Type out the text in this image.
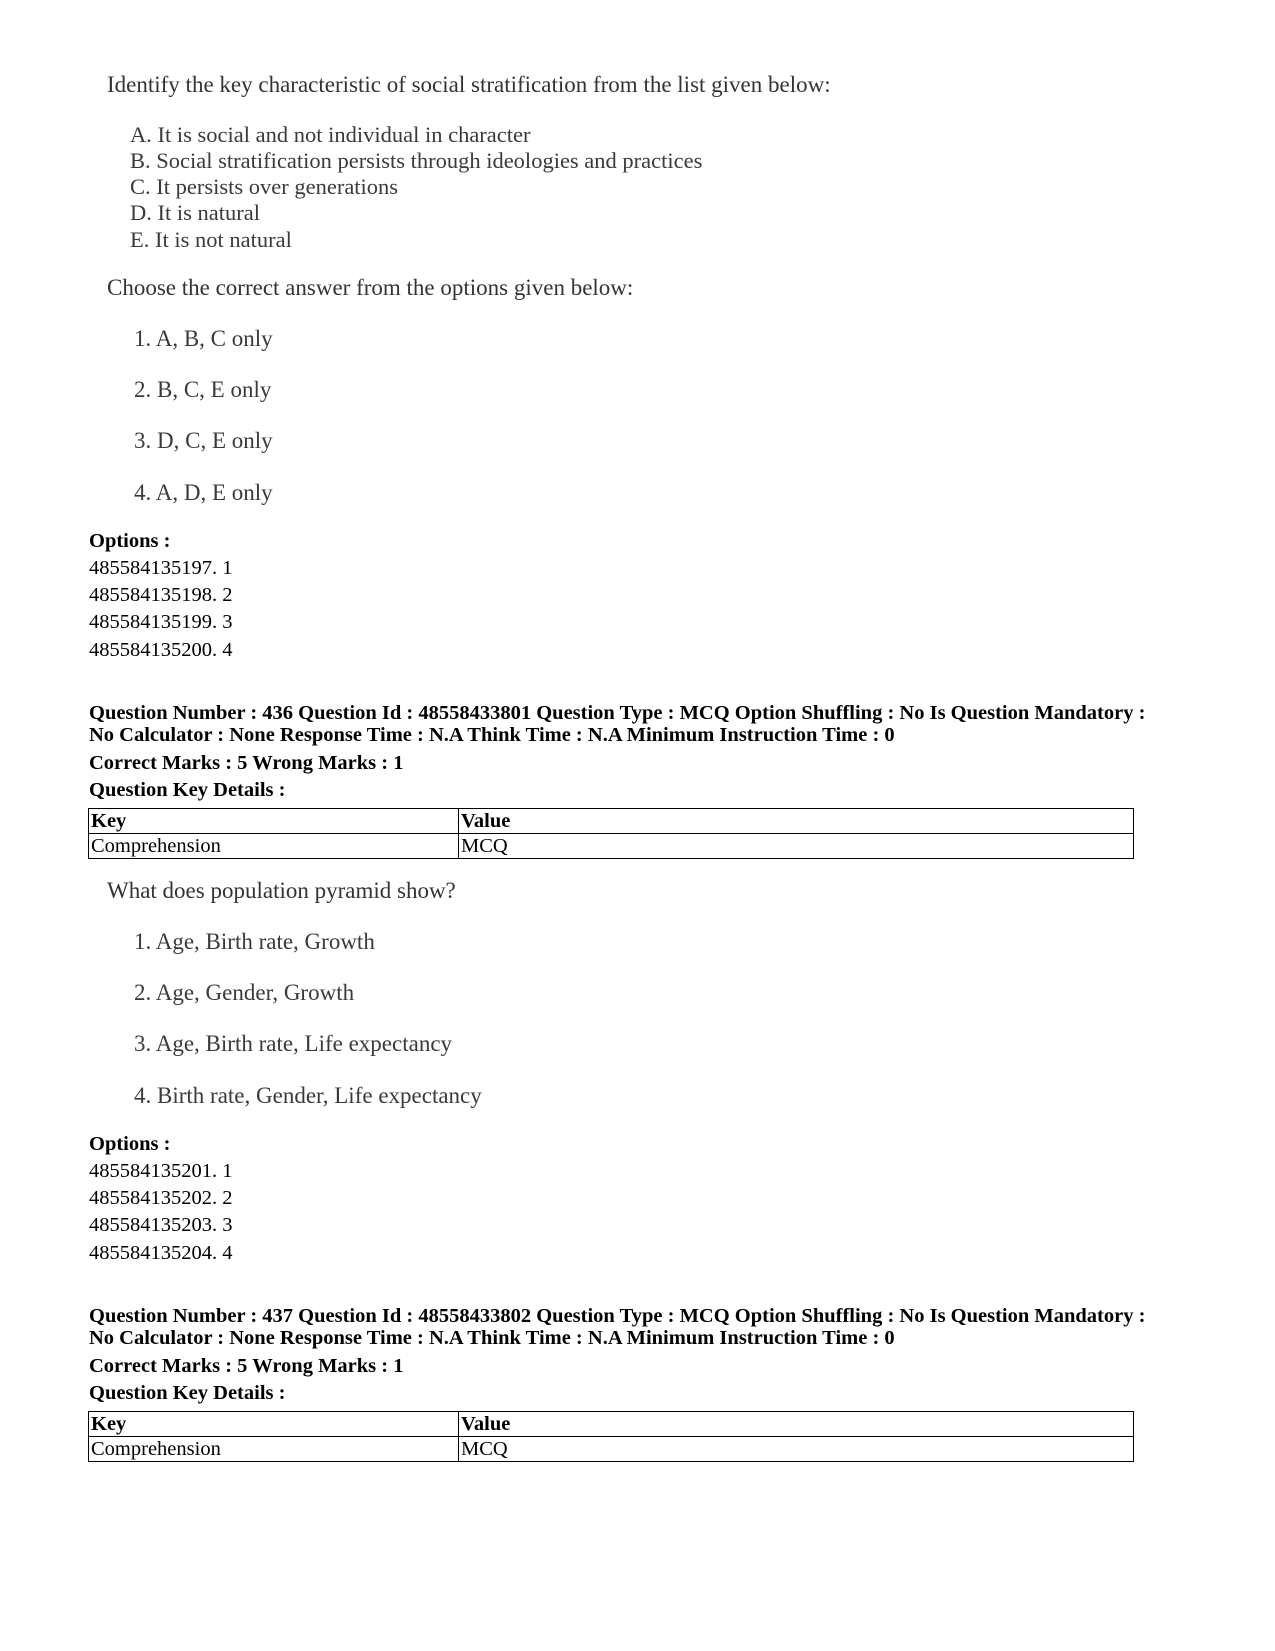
Identify the key characteristic of social stratification from the list given below:
A. It is social and not individual in character
B. Social stratification persists through ideologies and practices
C. It persists over generations
D. It is natural
E. It is not natural
Choose the correct answer from the options given below:
1. A, B, C only
2. B, C, E only
3. D, C, E only
4. A, D, E only
Options :
485584135197. 1
485584135198. 2
485584135199. 3
485584135200. 4
Question Number : 436 Question Id : 48558433801 Question Type : MCQ Option Shuffling : No Is Question Mandatory :
No Calculator : None Response Time : N.A Think Time : N.A Minimum Instruction Time : 0
Correct Marks : 5 Wrong Marks : 1
Question Key Details :
Key	Value
Comprehension	MCQ
What does population pyramid show?
1. Age, Birth rate, Growth
2. Age, Gender, Growth
3. Age, Birth rate, Life expectancy
4. Birth rate, Gender, Life expectancy
Options :
485584135201. 1
485584135202. 2
485584135203. 3
485584135204. 4
Question Number : 437 Question Id : 48558433802 Question Type : MCQ Option Shuffling : No Is Question Mandatory :
No Calculator : None Response Time : N.A Think Time : N.A Minimum Instruction Time : 0
Correct Marks : 5 Wrong Marks : 1
Question Key Details :
Key	Value
Comprehension	MCQ
